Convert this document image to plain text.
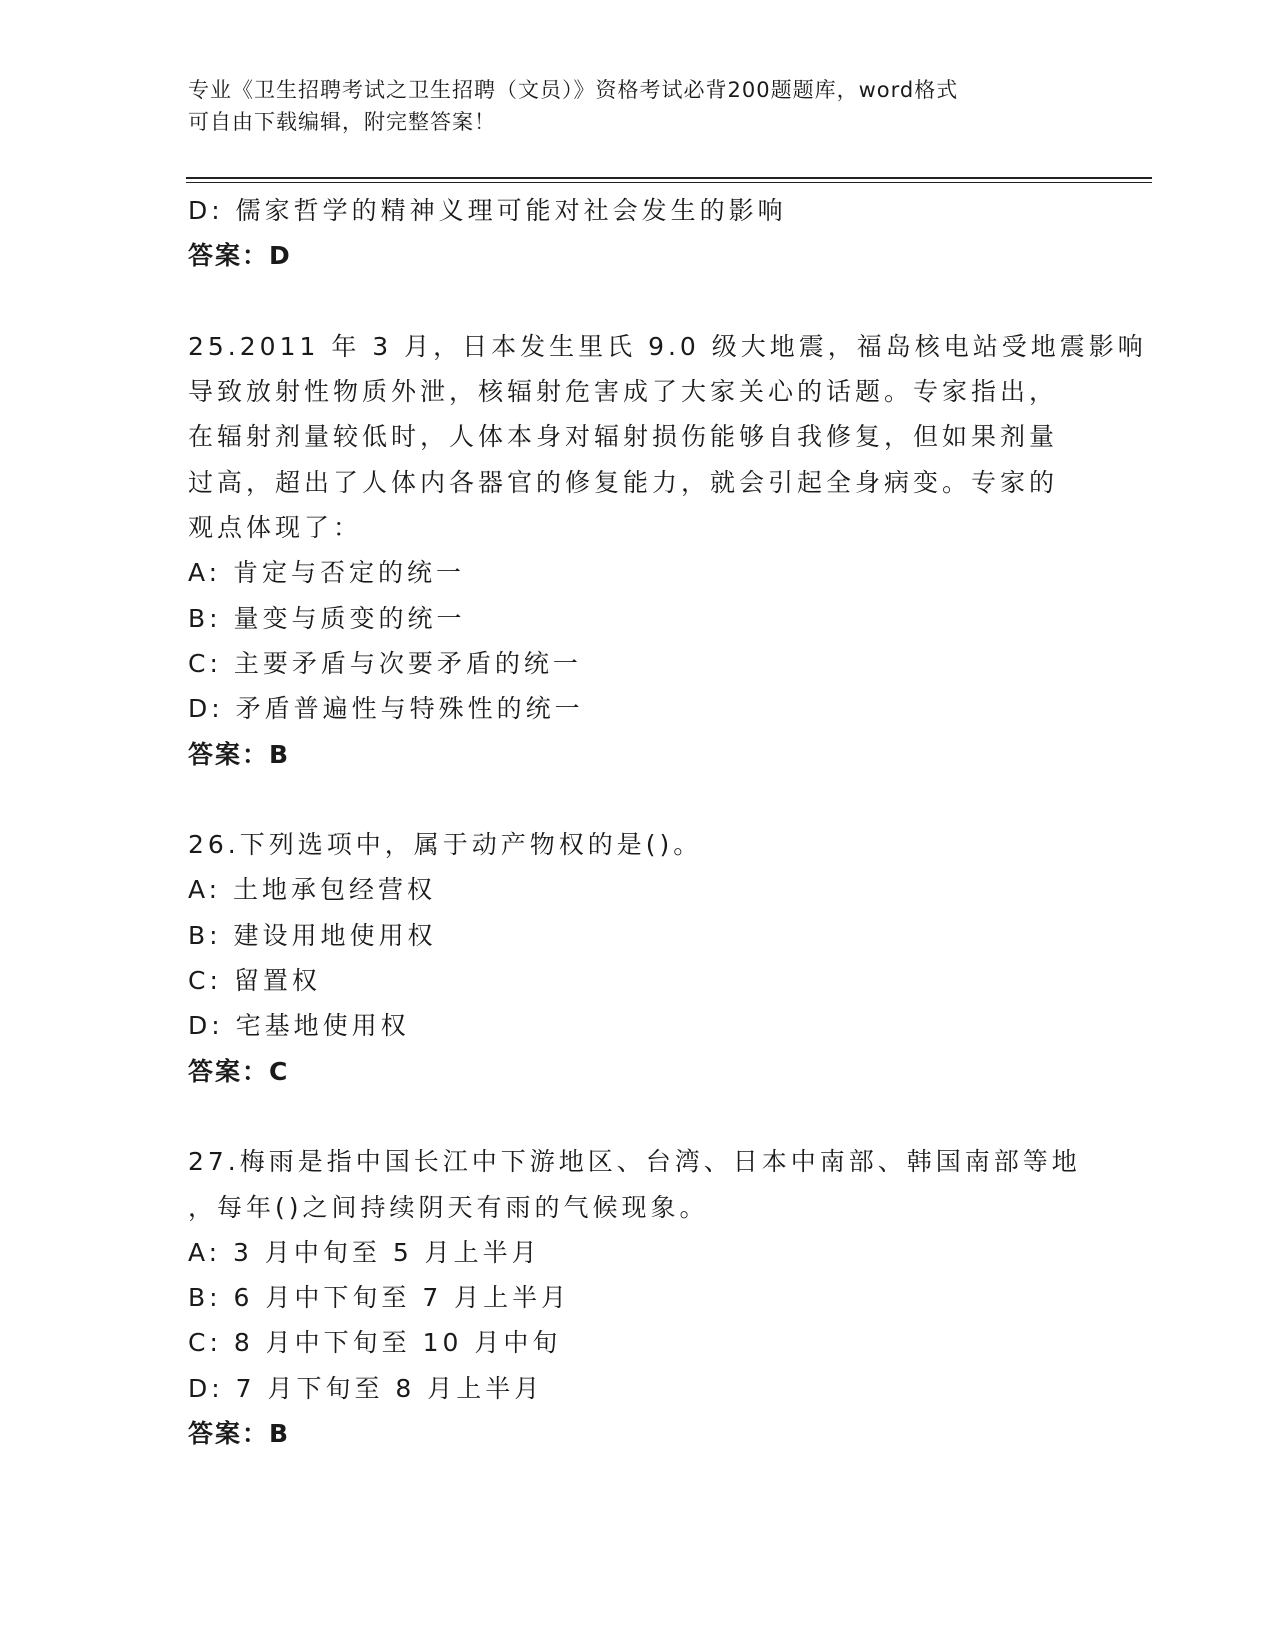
专业《卫生招聘考试之卫生招聘（文员）》资格考试必背200题题库，word格式

可自由下载编辑，附完整答案！

D: 儒家哲学的精神义理可能对社会发生的影响
答案：D
25.2011 年 3 月，日本发生里氏 9.0 级大地震，福岛核电站受地震影响
导致放射性物质外泄，核辐射危害成了大家关心的话题。专家指出，
在辐射剂量较低时，人体本身对辐射损伤能够自我修复，但如果剂量
过高，超出了人体内各器官的修复能力，就会引起全身病变。专家的
观点体现了：
A: 肯定与否定的统一
B: 量变与质变的统一
C: 主要矛盾与次要矛盾的统一
D: 矛盾普遍性与特殊性的统一
答案：B
26.下列选项中，属于动产物权的是()。
A: 土地承包经营权
B: 建设用地使用权
C: 留置权
D: 宅基地使用权
答案：C
27.梅雨是指中国长江中下游地区、台湾、日本中南部、韩国南部等地
，每年()之间持续阴天有雨的气候现象。
A: 3 月中旬至 5 月上半月
B: 6 月中下旬至 7 月上半月
C: 8 月中下旬至 10 月中旬
D: 7 月下旬至 8 月上半月
答案：B
